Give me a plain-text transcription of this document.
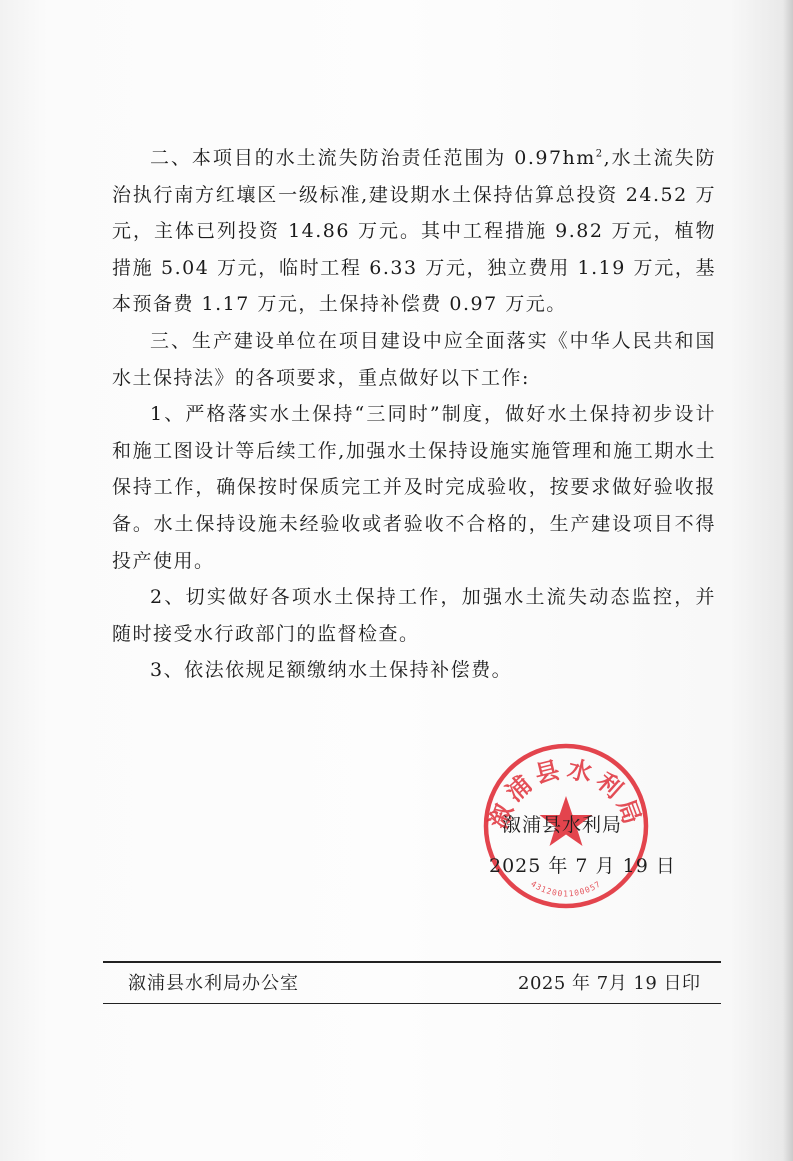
二、本项目的水土流失防治责任范围为 $0.97hm^2$,水土流失防治执行南方红壤区一级标准,建设期水土保持估算总投资 24.52 万元，主体已列投资 14.86 万元。其中工程措施 9.82 万元，植物措施 5.04 万元，临时工程 6.33 万元，独立费用 1.19 万元，基本预备费 1.17 万元，土保持补偿费 0.97 万元。

三、生产建设单位在项目建设中应全面落实《中华人民共和国水土保持法》的各项要求，重点做好以下工作:

1、严格落实水土保持“三同时”制度，做好水土保持初步设计和施工图设计等后续工作,加强水土保持设施实施管理和施工期水土保持工作，确保按时保质完工并及时完成验收，按要求做好验收报备。水土保持设施未经验收或者验收不合格的，生产建设项目不得投产使用。

2、切实做好各项水土保持工作，加强水土流失动态监控，并随时接受水行政部门的监督检查。

3、依法依规足额缴纳水土保持补偿费。

溆浦县水利局
4312001100057
溆浦县水利局
2025 年 7 月 19 日
溆浦县水利局办公室	2025 年 7月 19 日印
